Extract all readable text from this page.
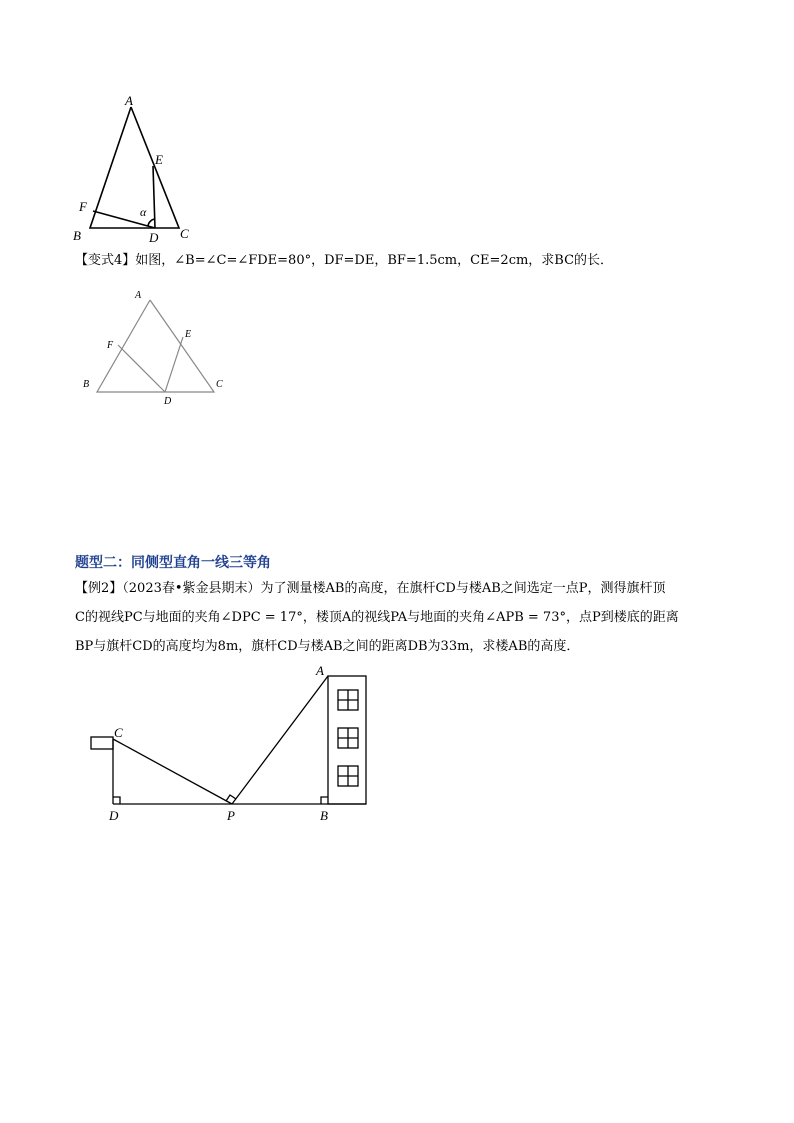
A
E
F	α
B	D C
A
E
F
B	C
D
A
C
D	P	B
【变式4】如图，∠B=∠C=∠FDE=80°，DF=DE，BF=1.5cm，CE=2cm，求BC的长．
题型二：同侧型直角一线三等角
【例2】（2023春•紫金县期末）为了测量楼AB的高度，在旗杆CD与楼AB之间选定一点P，测得旗杆顶
C的视线PC与地面的夹角∠DPC = 17°，楼顶A的视线PA与地面的夹角∠APB = 73°，点P到楼底的距离
BP与旗杆CD的高度均为8m，旗杆CD与楼AB之间的距离DB为33m，求楼AB的高度．
